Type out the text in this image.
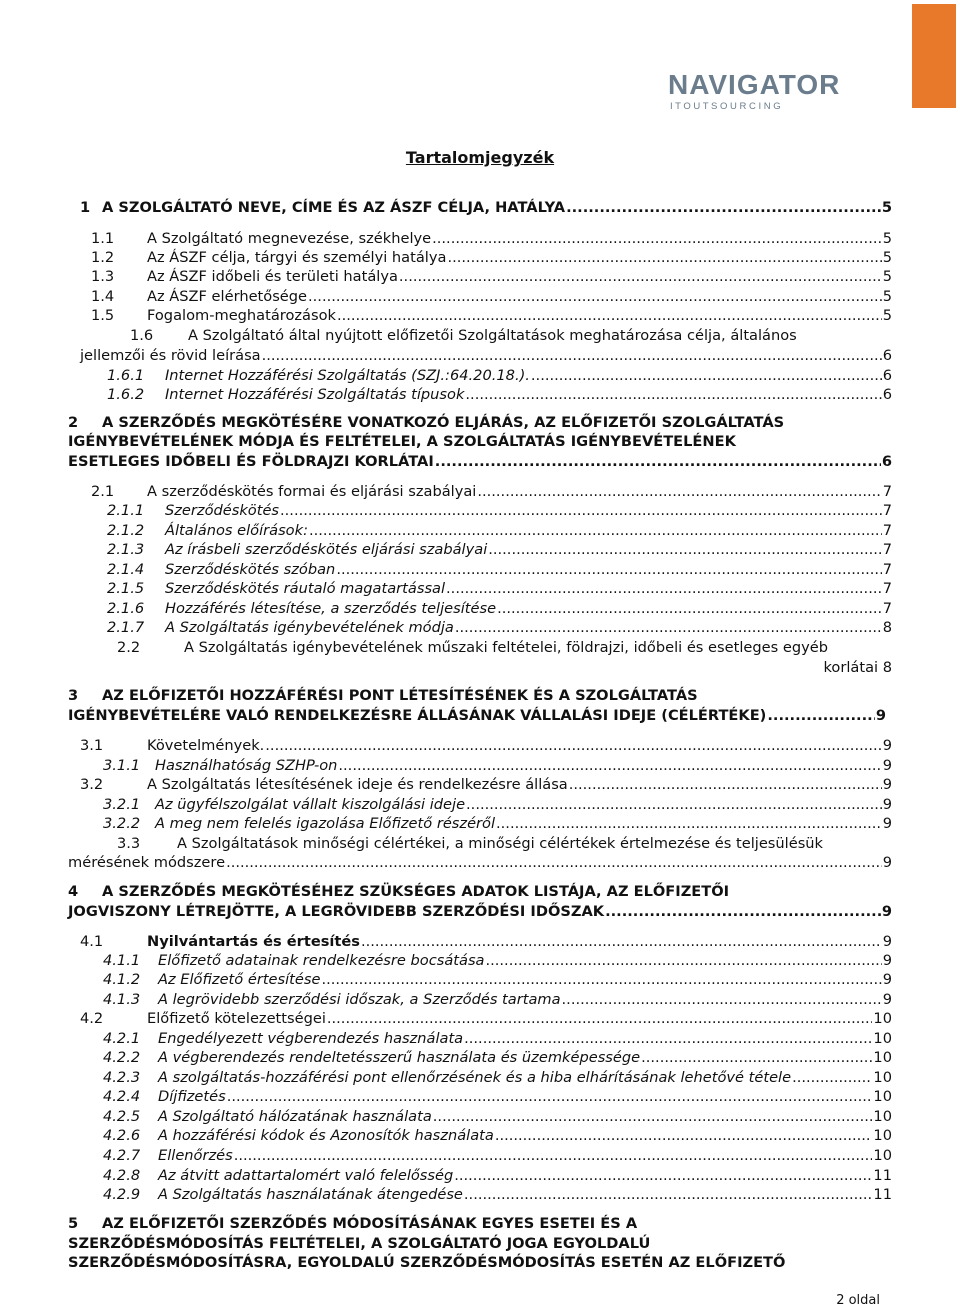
NAVIGATOR
I T O U T S O U R C I N G
Tartalomjegyzék
1 A SZOLGÁLTATÓ NEVE, CÍME ÉS AZ ÁSZF CÉLJA, HATÁLYA .....	5
1.1	A Szolgáltató megnevezése, székhelye .....	5
1.2	Az ÁSZF célja, tárgyi és személyi hatálya .....	5
1.3	Az ÁSZF időbeli és területi hatálya .....	5
1.4	Az ÁSZF elérhetősége .....	5
1.5	Fogalom-meghatározások .....	5
1.6	A Szolgáltató által nyújtott előfizetői Szolgáltatások meghatározása célja, általános
jellemzői és rövid leírása .....	6
1.6.1	Internet Hozzáférési Szolgáltatás (SZJ.:64.20.18.). .....	6
1.6.2	Internet Hozzáférési Szolgáltatás típusok .....	6
2	A SZERZŐDÉS MEGKÖTÉSÉRE VONATKOZÓ ELJÁRÁS, AZ ELŐFIZETŐI SZOLGÁLTATÁS
IGÉNYBEVÉTELÉNEK MÓDJA ÉS FELTÉTELEI, A SZOLGÁLTATÁS IGÉNYBEVÉTELÉNEK
ESETLEGES IDŐBELI ÉS FÖLDRAJZI KORLÁTAI .....	6
2.1	A szerződéskötés formai és eljárási szabályai .....	7
2.1.1	Szerződéskötés .....	7
2.1.2	Általános előírások: .....	7
2.1.3	Az írásbeli szerződéskötés eljárási szabályai .....	7
2.1.4	Szerződéskötés szóban .....	7
2.1.5	Szerződéskötés ráutaló magatartással .....	7
2.1.6	Hozzáférés létesítése, a szerződés teljesítése .....	7
2.1.7	A Szolgáltatás igénybevételének módja .....	8
2.2	A Szolgáltatás igénybevételének műszaki feltételei, földrajzi, időbeli és esetleges egyéb
korlátai 8
3	AZ ELŐFIZETŐI HOZZÁFÉRÉSI PONT LÉTESÍTÉSÉNEK ÉS A SZOLGÁLTATÁS
IGÉNYBEVÉTELÉRE VALÓ RENDELKEZÉSRE ÁLLÁSÁNAK VÁLLALÁSI IDEJE (CÉLÉRTÉKE) .....	9
3.1	Követelmények. .....	9
3.1.1	Használhatóság SZHP-on .....	9
3.2	A Szolgáltatás létesítésének ideje és rendelkezésre állása .....	9
3.2.1	Az ügyfélszolgálat vállalt kiszolgálási ideje .....	9
3.2.2	A meg nem felelés igazolása Előfizető részéről .....	9
3.3	A Szolgáltatások minőségi célértékei, a minőségi célértékek értelmezése és teljesülésük
mérésének módszere .....	9
4	A SZERZŐDÉS MEGKÖTÉSÉHEZ SZÜKSÉGES ADATOK LISTÁJA, AZ ELŐFIZETŐI
JOGVISZONY LÉTREJÖTTE, A LEGRÖVIDEBB SZERZŐDÉSI IDŐSZAK .....	9
4.1	Nyilvántartás és értesítés .....	9
4.1.1	Előfizető adatainak rendelkezésre bocsátása .....	9
4.1.2	Az Előfizető értesítése .....	9
4.1.3	A legrövidebb szerződési időszak, a Szerződés tartama .....	9
4.2	Előfizető kötelezettségei .....	10
4.2.1	Engedélyezett végberendezés használata .....	10
4.2.2	A végberendezés rendeltetésszerű használata és üzemképessége .....	10
4.2.3	A szolgáltatás-hozzáférési pont ellenőrzésének és a hiba elhárításának lehetővé tétele .....	10
4.2.4	Díjfizetés .....	10
4.2.5	A Szolgáltató hálózatának használata .....	10
4.2.6	A hozzáférési kódok és Azonosítók használata .....	10
4.2.7	Ellenőrzés .....	10
4.2.8	Az átvitt adattartalomért való felelősség .....	11
4.2.9	A Szolgáltatás használatának átengedése .....	11
5	AZ ELŐFIZETŐI SZERZŐDÉS MÓDOSÍTÁSÁNAK EGYES ESETEI ÉS A
SZERZŐDÉSMÓDOSÍTÁS FELTÉTELEI, A SZOLGÁLTATÓ JOGA EGYOLDALÚ
SZERZŐDÉSMÓDOSÍTÁSRA, EGYOLDALÚ SZERZŐDÉSMÓDOSÍTÁS ESETÉN AZ ELŐFIZETŐ
2 oldal
